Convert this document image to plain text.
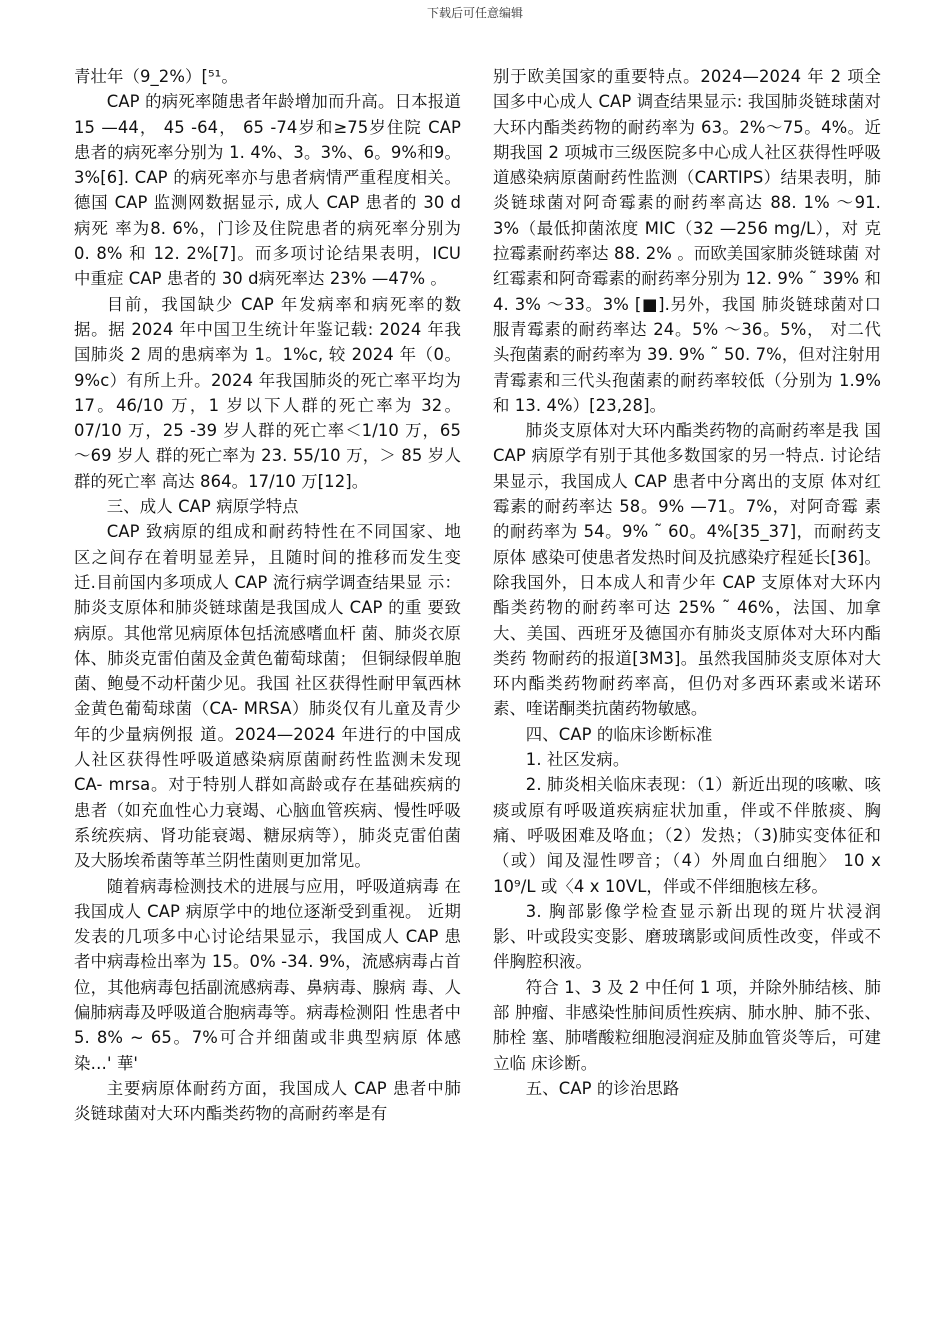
下载后可任意编辑

青壮年（9_2%）[⁵¹。

CAP 的病死率随患者年龄增加而升高。日本报道15 —44， 45 -64， 65 -74岁和≥75岁住院 CAP 患者的病死率分别为 1. 4%、3。3%、6。9%和9。3%[6]. CAP 的病死率亦与患者病情严重程度相关。德国 CAP 监测网数据显示, 成人 CAP 患者的 30 d病死 率为8. 6%，门诊及住院患者的病死率分别为 0. 8% 和 12. 2%[7]。而多项讨论结果表明，ICU 中重症 CAP 患者的 30 d病死率达 23% —47% 。

目前，我国缺少 CAP 年发病率和病死率的数据。据 2024 年中国卫生统计年鉴记载: 2024 年我 国肺炎 2 周的患病率为 1。1%c, 较 2024 年（0。9%c）有所上升。2024 年我国肺炎的死亡率平均为 17。46/10 万，1 岁以下人群的死亡率为 32。07/10 万，25 -39 岁人群的死亡率＜1/10 万，65 ～69 岁人 群的死亡率为 23. 55/10 万，＞ 85 岁人群的死亡率 高达 864。17/10 万[12]。

三、成人 CAP 病原学特点

CAP 致病原的组成和耐药特性在不同国家、地 区之间存在着明显差异，且随时间的推移而发生变 迁.目前国内多项成人 CAP 流行病学调查结果显 示：肺炎支原体和肺炎链球菌是我国成人 CAP 的重 要致病原。其他常见病原体包括流感嗜血杆 菌、肺炎衣原体、肺炎克雷伯菌及金黄色葡萄球菌； 但铜绿假单胞菌、鲍曼不动杆菌少见。我国 社区获得性耐甲氧西林金黄色葡萄球菌（CA- MRSA）肺炎仅有儿童及青少年的少量病例报 道。2024—2024 年进行的中国成人社区获得性呼吸道感染病原菌耐药性监测未发现 CA- mrsa。对于特别人群如高龄或存在基础疾病的患者（如充血性心力衰竭、心脑血管疾病、慢性呼吸 系统疾病、肾功能衰竭、糖尿病等），肺炎克雷伯菌 及大肠埃希菌等革兰阴性菌则更加常见。

随着病毒检测技术的进展与应用，呼吸道病毒 在我国成人 CAP 病原学中的地位逐渐受到重视。 近期发表的几项多中心讨论结果显示，我国成人 CAP 患者中病毒检出率为 15。0% -34. 9%，流感病毒占首位，其他病毒包括副流感病毒、鼻病毒、腺病 毒、人偏肺病毒及呼吸道合胞病毒等。病毒检测阳 性患者中 5. 8% ~ 65。7%可合并细菌或非典型病原 体感染…' 華'

主要病原体耐药方面，我国成人 CAP 患者中肺炎链球菌对大环内酯类药物的高耐药率是有

别于欧美国家的重要特点。2024—2024 年 2 项全国多中心成人 CAP 调查结果显示: 我国肺炎链球菌对大环内酯类药物的耐药率为 63。2%～75。4%。近 期我国 2 项城市三级医院多中心成人社区获得性呼吸道感染病原菌耐药性监测（CARTIPS）结果表明，肺炎链球菌对阿奇霉素的耐药率高达 88. 1% ～91. 3%（最低抑菌浓度 MIC（32 —256 mg/L），对 克拉霉素耐药率达 88. 2% 。而欧美国家肺炎链球菌 对红霉素和阿奇霉素的耐药率分别为 12. 9% ˜ 39% 和 4. 3% ～33。3% [■].另外，我国 肺炎链球菌对口服青霉素的耐药率达 24。5% ～36。5%， 对二代头孢菌素的耐药率为 39. 9% ˜ 50. 7%，但对注射用青霉素和三代头孢菌素的耐药率较低（分别为 1.9%和 13. 4%）[23,28]。

肺炎支原体对大环内酯类药物的高耐药率是我 国 CAP 病原学有别于其他多数国家的另一特点. 讨论结果显示，我国成人 CAP 患者中分离出的支原 体对红霉素的耐药率达 58。9% —71。7%，对阿奇霉 素的耐药率为 54。9% ˜ 60。4%[35_37]，而耐药支原体 感染可使患者发热时间及抗感染疗程延长[36]。除我国外，日本成人和青少年 CAP 支原体对大环内酯类药物的耐药率可达 25% ˜ 46%，法国、加拿大、美国、西班牙及德国亦有肺炎支原体对大环内酯类药 物耐药的报道[3M3]。虽然我国肺炎支原体对大环内酯类药物耐药率高，但仍对多西环素或米诺环素、喹诺酮类抗菌药物敏感。

四、CAP 的临床诊断标准

1. 社区发病。

2. 肺炎相关临床表现：（1）新近出现的咳嗽、咳 痰或原有呼吸道疾病症状加重，伴或不伴脓痰、胸 痛、呼吸困难及咯血；（2）发热；（3)肺实变体征和（或）闻及湿性啰音；（4）外周血白细胞〉 10 x 10⁹/L 或〈4 x 10VL，伴或不伴细胞核左移。

3. 胸部影像学检查显示新出现的斑片状浸润 影、叶或段实变影、磨玻璃影或间质性改变，伴或不 伴胸腔积液。

符合 1、3 及 2 中任何 1 项，并除外肺结核、肺部 肿瘤、非感染性肺间质性疾病、肺水肿、肺不张、肺栓 塞、肺嗜酸粒细胞浸润症及肺血管炎等后，可建立临 床诊断。

五、CAP 的诊治思路
